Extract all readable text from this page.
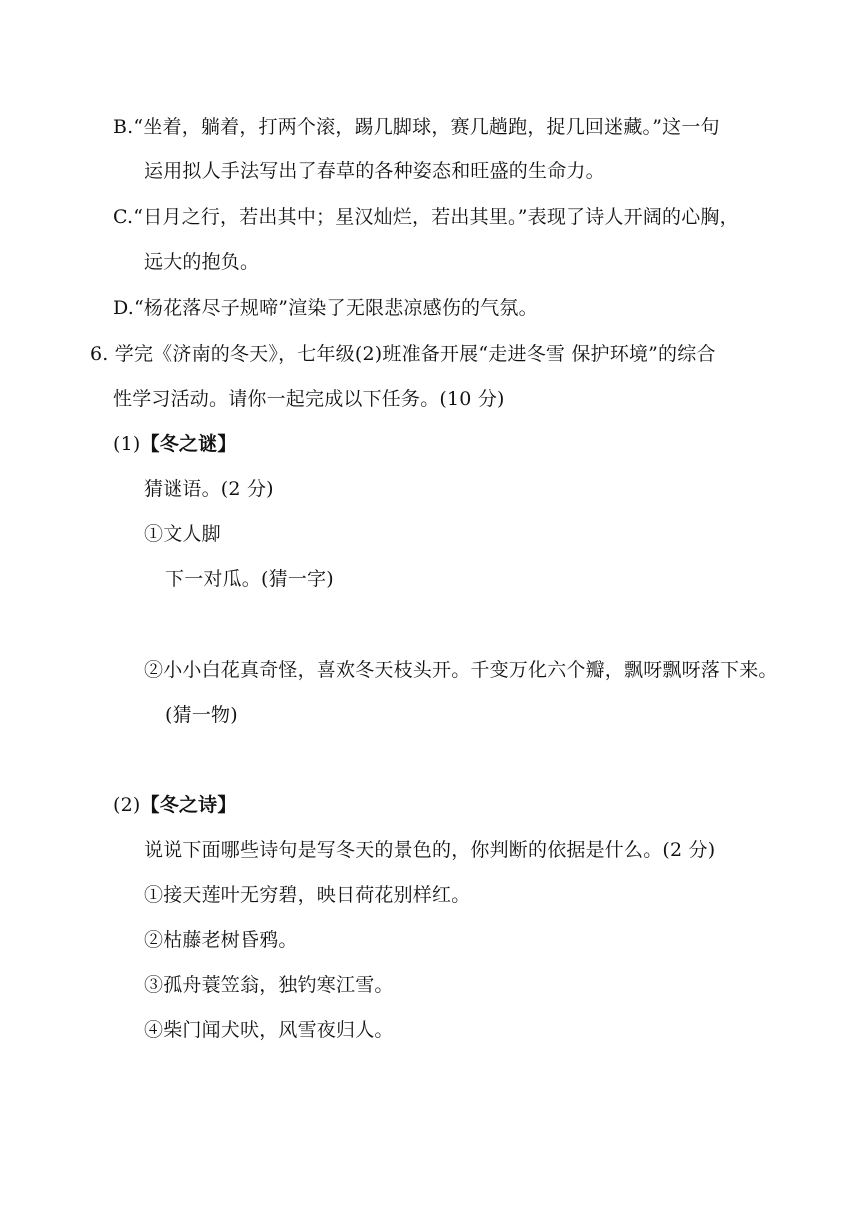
B.“坐着，躺着，打两个滚，踢几脚球，赛几趟跑，捉几回迷藏。”这一句
运用拟人手法写出了春草的各种姿态和旺盛的生命力。
C.“日月之行，若出其中；星汉灿烂，若出其里。”表现了诗人开阔的心胸，
远大的抱负。
D.“杨花落尽子规啼”渲染了无限悲凉感伤的气氛。
6. 学完《济南的冬天》，七年级(2)班准备开展“走进冬雪 保护环境”的综合
性学习活动。请你一起完成以下任务。(10 分)
(1)【冬之谜】
猜谜语。(2 分)
①文人脚
下一对瓜。(猜一字)
②小小白花真奇怪，喜欢冬天枝头开。千变万化六个瓣，飘呀飘呀落下来。
(猜一物)
(2)【冬之诗】
说说下面哪些诗句是写冬天的景色的，你判断的依据是什么。(2 分)
①接天莲叶无穷碧，映日荷花别样红。
②枯藤老树昏鸦。
③孤舟蓑笠翁，独钓寒江雪。
④柴门闻犬吠，风雪夜归人。
